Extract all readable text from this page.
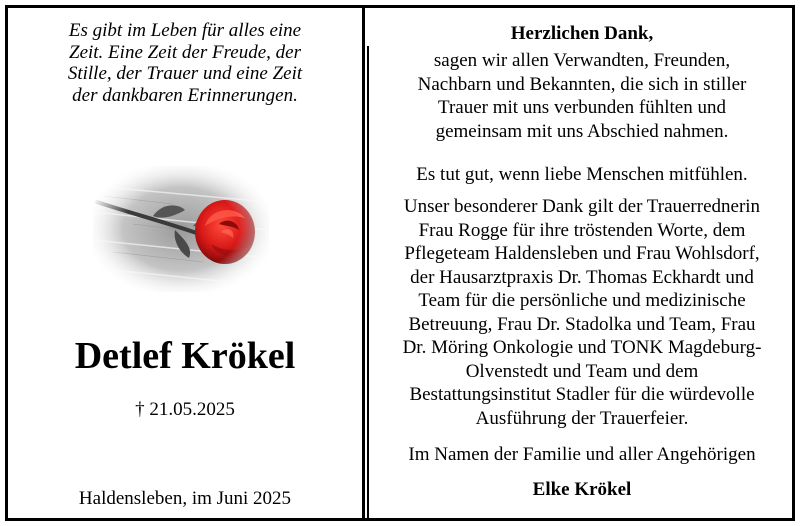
Es gibt im Leben für alles eine
Zeit. Eine Zeit der Freude, der
Stille, der Trauer und eine Zeit
der dankbaren Erinnerungen.
Detlef Krökel
† 21.05.2025
Haldensleben, im Juni 2025
Herzlichen Dank,
sagen wir allen Verwandten, Freunden,
Nachbarn und Bekannten, die sich in stiller
Trauer mit uns verbunden fühlten und
gemeinsam mit uns Abschied nahmen.
Es tut gut, wenn liebe Menschen mitfühlen.
Unser besonderer Dank gilt der Trauerrednerin
Frau Rogge für ihre tröstenden Worte, dem
Pflegeteam Haldensleben und Frau Wohlsdorf,
der Hausarztpraxis Dr. Thomas Eckhardt und
Team für die persönliche und medizinische
Betreuung, Frau Dr. Stadolka und Team, Frau
Dr. Möring Onkologie und TONK Magdeburg-
Olvenstedt und Team und dem
Bestattungsinstitut Stadler für die würdevolle
Ausführung der Trauerfeier.
Im Namen der Familie und aller Angehörigen
Elke Krökel
